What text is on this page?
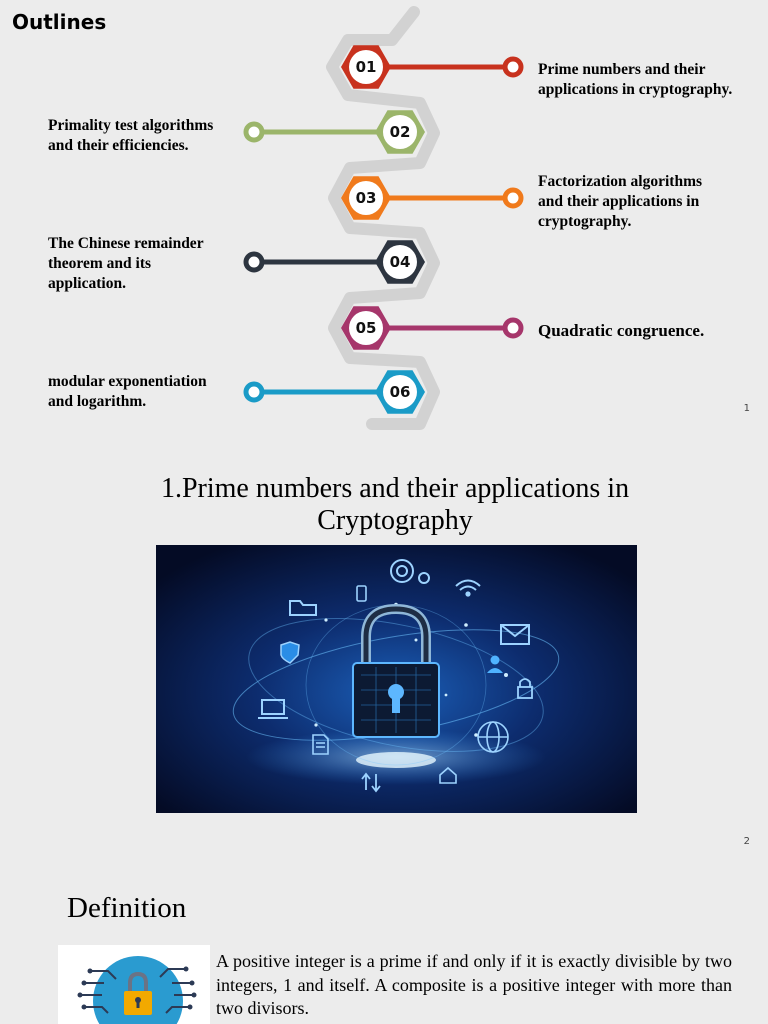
Outlines
01
02
03
04
05
06

Prime numbers and their
applications in cryptography.

Primality test algorithms
and their efficiencies.

Factorization algorithms
and their applications in
cryptography.

The Chinese remainder
theorem and its
application.

Quadratic congruence.

modular exponentiation
and logarithm.	1
1.Prime numbers and their applications in Cryptography
2
Definition

A positive integer is a prime if and only if it is exactly divisible by two integers, 1 and itself. A composite is a positive integer with more than two divisors.
